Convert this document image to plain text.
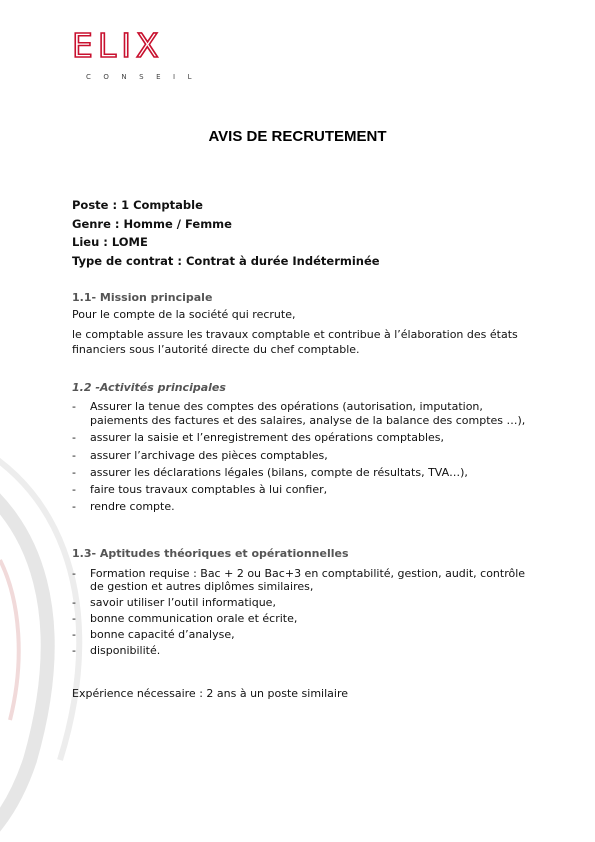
ELIX
CONSEIL
AVIS DE RECRUTEMENT
Poste : 1 Comptable
Genre : Homme / Femme
Lieu : LOME
Type de contrat : Contrat à durée Indéterminée
1.1- Mission principale
Pour le compte de la société qui recrute,
le comptable assure les travaux comptable et contribue à l’élaboration des états
financiers sous l’autorité directe du chef comptable.
1.2 -Activités principales
- Assurer la tenue des comptes des opérations (autorisation, imputation, paiements des factures et des salaires, analyse de la balance des comptes …),
- assurer la saisie et l’enregistrement des opérations comptables,
- assurer l’archivage des pièces comptables,
- assurer les déclarations légales (bilans, compte de résultats, TVA…),
- faire tous travaux comptables à lui confier,
- rendre compte.
1.3- Aptitudes théoriques et opérationnelles
- Formation requise : Bac + 2 ou Bac+3 en comptabilité, gestion, audit, contrôle de gestion et autres diplômes similaires,
- savoir utiliser l’outil informatique,
- bonne communication orale et écrite,
- bonne capacité d’analyse,
- disponibilité.
Expérience nécessaire : 2 ans à un poste similaire
